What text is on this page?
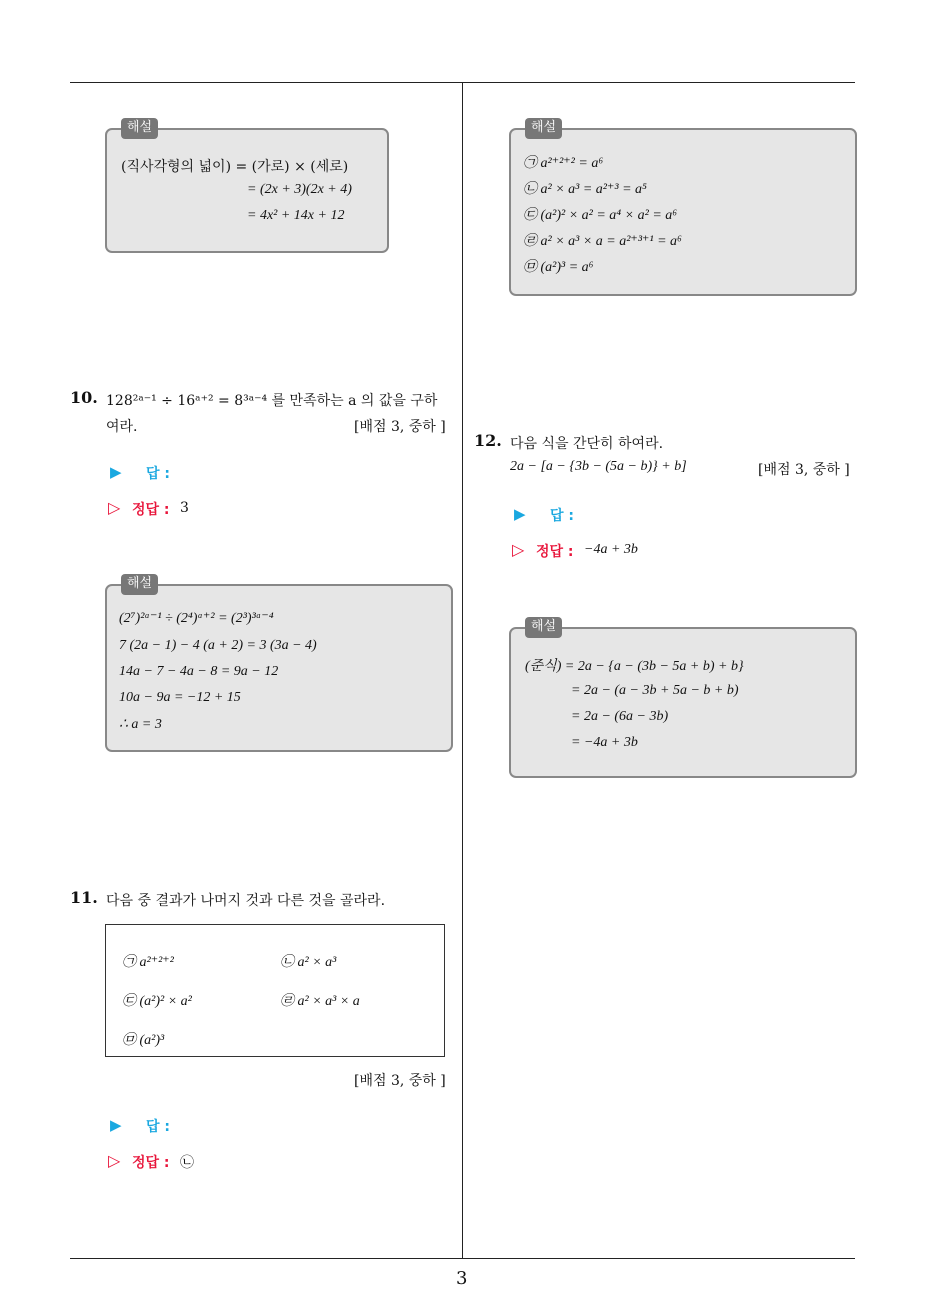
3
해설
(직사각형의 넓이) = (가로) × (세로)
= (2x + 3)(2x + 4)
= 4x² + 14x + 12
10. 128²ᵃ⁻¹ ÷ 16ᵃ⁺² = 8³ᵃ⁻⁴ 를 만족하는 a 의 값을 구하
여라.	[배점 3, 중하 ]
▶ 답 :
▷ 정답 : 3
해설
(2⁷)²ᵃ⁻¹ ÷ (2⁴)ᵃ⁺² = (2³)³ᵃ⁻⁴
7 (2a − 1) − 4 (a + 2) = 3 (3a − 4)
14a − 7 − 4a − 8 = 9a − 12
10a − 9a = −12 + 15
∴ a = 3
11. 다음 중 결과가 나머지 것과 다른 것을 골라라.
㉠ a²⁺²⁺²	㉡ a² × a³
㉢ (a²)² × a²	㉣ a² × a³ × a
㉤ (a²)³
[배점 3, 중하 ]
▶ 답 :
▷ 정답 : ㉡
해설
㉠ a²⁺²⁺² = a⁶
㉡ a² × a³ = a²⁺³ = a⁵
㉢ (a²)² × a² = a⁴ × a² = a⁶
㉣ a² × a³ × a = a²⁺³⁺¹ = a⁶
㉤ (a²)³ = a⁶
12. 다음 식을 간단히 하여라.
2a − [a − {3b − (5a − b)} + b]	[배점 3, 중하 ]
▶ 답 :
▷ 정답 : −4a + 3b
해설
(준식) = 2a − {a − (3b − 5a + b) + b}
= 2a − (a − 3b + 5a − b + b)
= 2a − (6a − 3b)
= −4a + 3b
